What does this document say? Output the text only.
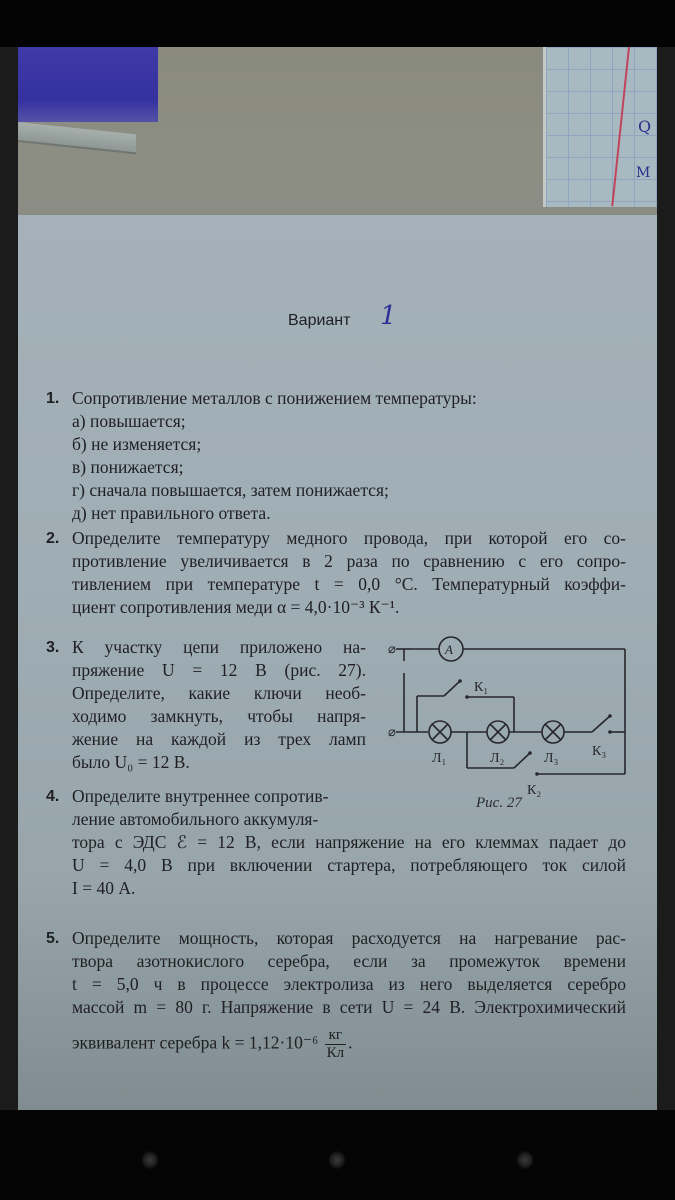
Q
M
Вариант 1
1. Сопротивление металлов с понижением температуры:

а) повышается;

б) не изменяется;

в) понижается;

г) сначала повышается, затем понижается;

д) нет правильного ответа.

2. Определите температуру медного провода, при которой его со-

противление увеличивается в 2 раза по сравнению с его сопро-

тивлением при температуре t = 0,0 °C. Температурный коэффи-

циент сопротивления меди α = 4,0·10⁻³ К⁻¹.

3. К участку цепи приложено на-

пряжение U = 12 В (рис. 27).

Определите, какие ключи необ-

ходимо замкнуть, чтобы напря-

жение на каждой из трех ламп

было U₀ = 12 В.

⌀
⌀
A
К₁
К₂
К₃
Л₁	Л₂	Л₃
Рис. 27
4. Определите внутреннее сопротив-

ление автомобильного аккумуля-

тора с ЭДС ℰ = 12 В, если напряжение на его клеммах падает до

U = 4,0 В при включении стартера, потребляющего ток силой

I = 40 А.

5. Определите мощность, которая расходуется на нагревание рас-

твора азотнокислого серебра, если за промежуток времени

t = 5,0 ч в процессе электролиза из него выделяется серебро

массой m = 80 г. Напряжение в сети U = 24 В. Электрохимический

эквивалент серебра $k = 1,12\cdot 10^{-6} \frac{кг}{Кл}$ .
